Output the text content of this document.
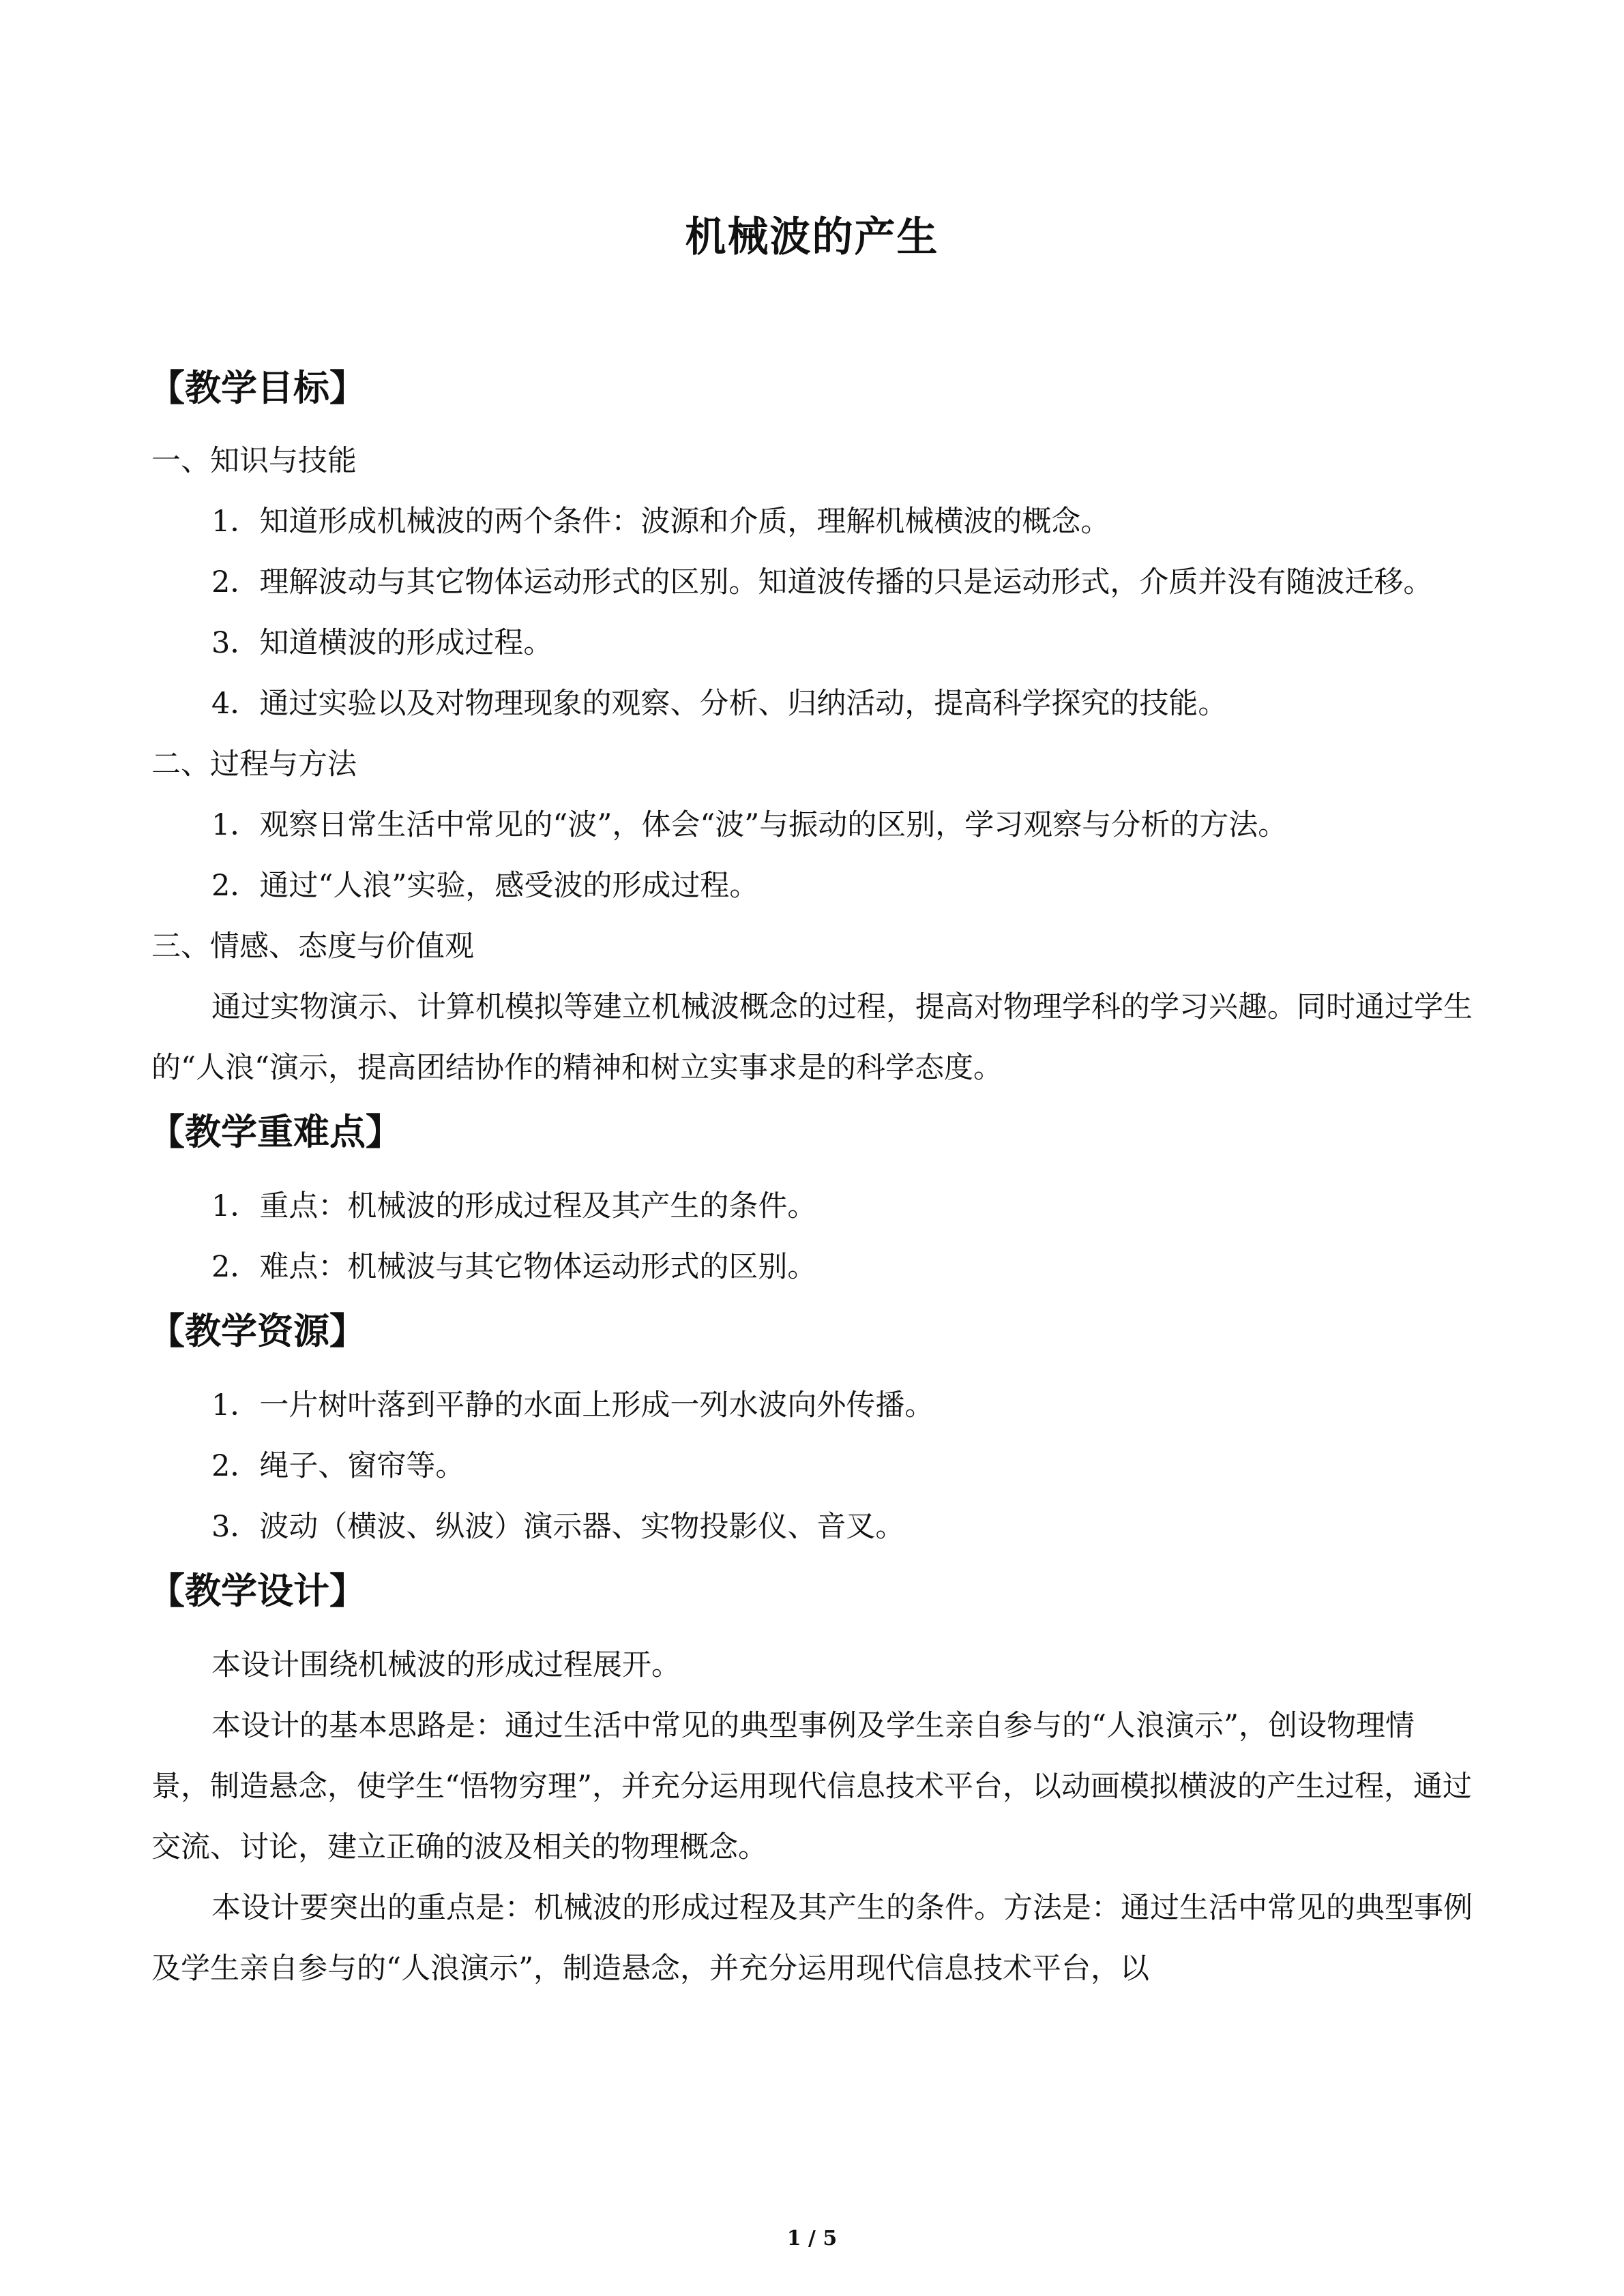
机械波的产生
【教学目标】

一、知识与技能

1．知道形成机械波的两个条件：波源和介质，理解机械横波的概念。

2．理解波动与其它物体运动形式的区别。知道波传播的只是运动形式，介质并没有随波迁移。

3．知道横波的形成过程。

4．通过实验以及对物理现象的观察、分析、归纳活动，提高科学探究的技能。

二、过程与方法

1．观察日常生活中常见的“波”，体会“波”与振动的区别，学习观察与分析的方法。

2．通过“人浪”实验，感受波的形成过程。

三、情感、态度与价值观

通过实物演示、计算机模拟等建立机械波概念的过程，提高对物理学科的学习兴趣。同时通过学生的“人浪“演示，提高团结协作的精神和树立实事求是的科学态度。

【教学重难点】

1．重点：机械波的形成过程及其产生的条件。

2．难点：机械波与其它物体运动形式的区别。

【教学资源】

1．一片树叶落到平静的水面上形成一列水波向外传播。

2．绳子、窗帘等。

3．波动（横波、纵波）演示器、实物投影仪、音叉。

【教学设计】

本设计围绕机械波的形成过程展开。

本设计的基本思路是：通过生活中常见的典型事例及学生亲自参与的“人浪演示”，创设物理情景，制造悬念，使学生“悟物穷理”，并充分运用现代信息技术平台，以动画模拟横波的产生过程，通过交流、讨论，建立正确的波及相关的物理概念。

本设计要突出的重点是：机械波的形成过程及其产生的条件。方法是：通过生活中常见的典型事例及学生亲自参与的“人浪演示”，制造悬念，并充分运用现代信息技术平台，以

1 / 5
